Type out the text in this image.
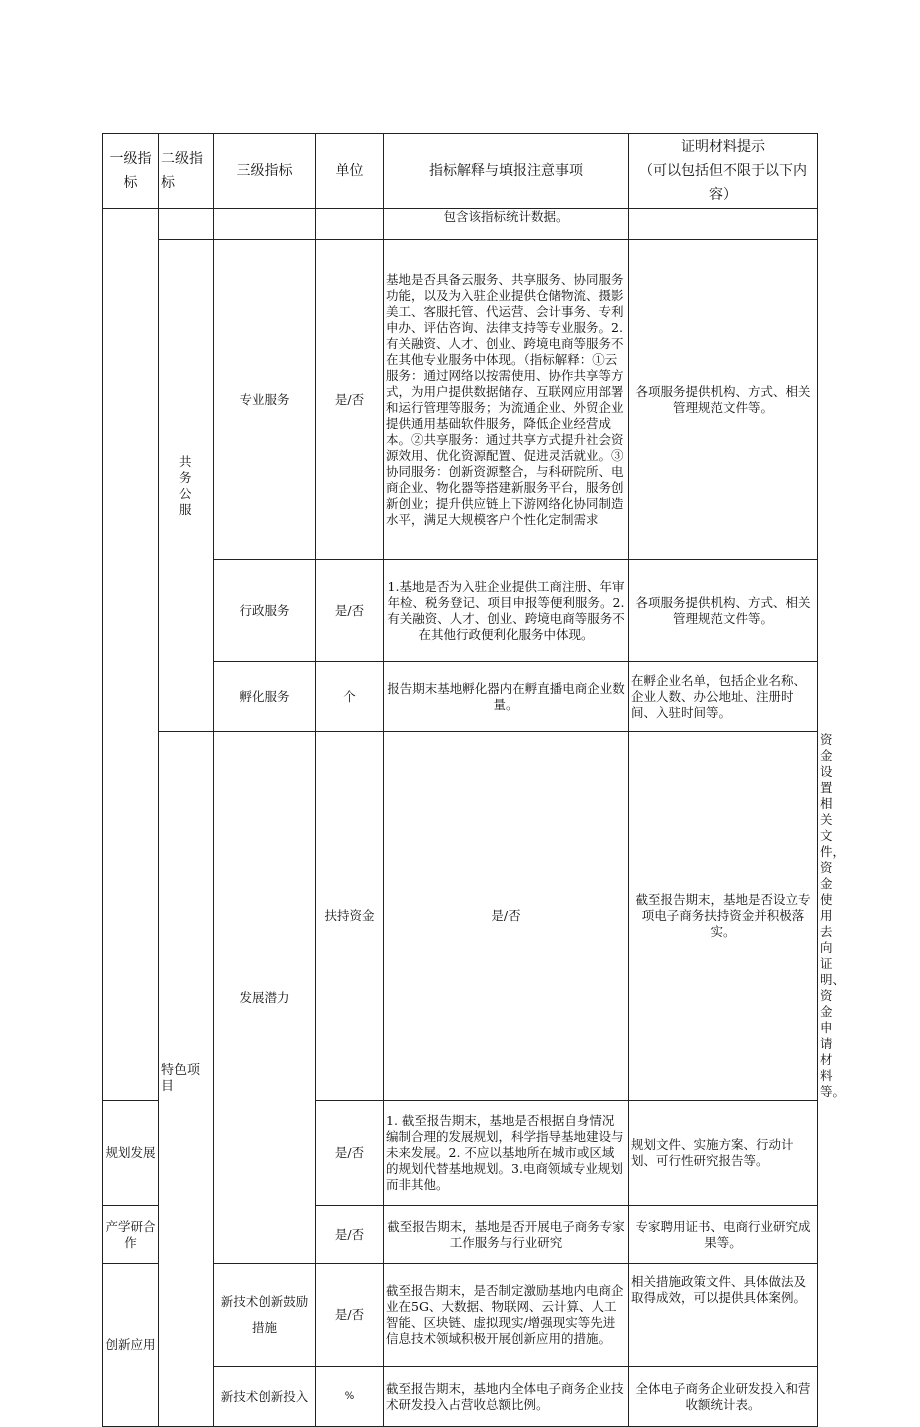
一级指标	二级指标	三级指标	单位	指标解释与填报注意事项	证明材料提示
（可以包括但不限于以下内容）	

				包含该指标统计数据。		
	共务公服	专业服务	是/否	基地是否具备云服务、共享服务、协同服务功能，以及为入驻企业提供仓储物流、摄影美工、客服托管、代运营、会计事务、专利申办、评估咨询、法律支持等专业服务。2. 有关融资、人才、创业、跨境电商等服务不在其他专业服务中体现。（指标解释：①云服务：通过网络以按需使用、协作共享等方式，为用户提供数据储存、互联网应用部署和运行管理等服务；为流通企业、外贸企业提供通用基础软件服务，降低企业经营成本。②共享服务：通过共享方式提升社会资源效用、优化资源配置、促进灵活就业。③协同服务：创新资源整合，与科研院所、电商企业、物化器等搭建新服务平台，服务创新创业；提升供应链上下游网络化协同制造水平，满足大规模客户个性化定制需求	各项服务提供机构、方式、相关管理规范文件等。	
		行政服务	是/否	1.基地是否为入驻企业提供工商注册、年审年检、税务登记、项目申报等便利服务。2. 有关融资、人才、创业、跨境电商等服务不在其他行政便利化服务中体现。	各项服务提供机构、方式、相关管理规范文件等。	
		孵化服务	个	报告期末基地孵化器内在孵直播电商企业数量。	在孵企业名单，包括企业名称、企业人数、办公地址、注册时间、入驻时间等。	
	特色项目	发展潜力	扶持资金	是/否	截至报告期末，基地是否设立专项电子商务扶持资金并积极落实。	资金设置相关文件，资金使用去向证明、资金申请材料等。
规划发展			是/否	1. 截至报告期末，基地是否根据自身情况编制合理的发展规划，科学指导基地建设与未来发展。2. 不应以基地所在城市或区域的规划代替基地规划。3.电商领域专业规划而非其他。	规划文件、实施方案、行动计划、可行性研究报告等。	
产学研合作			是/否	截至报告期末，基地是否开展电子商务专家工作服务与行业研究	专家聘用证书、电商行业研究成果等。	
创新应用		新技术创新鼓励措施	是/否	截至报告期末，是否制定激励基地内电商企业在5G、大数据、物联网、云计算、人工智能、区块链、虚拟现实/增强现实等先进信息技术领域积极开展创新应用的措施。	相关措施政策文件、具体做法及取得成效，可以提供具体案例。	
		新技术创新投入	%	截至报告期末，基地内全体电子商务企业技术研发投入占营收总额比例。	全体电子商务企业研发投入和营收额统计表。	
